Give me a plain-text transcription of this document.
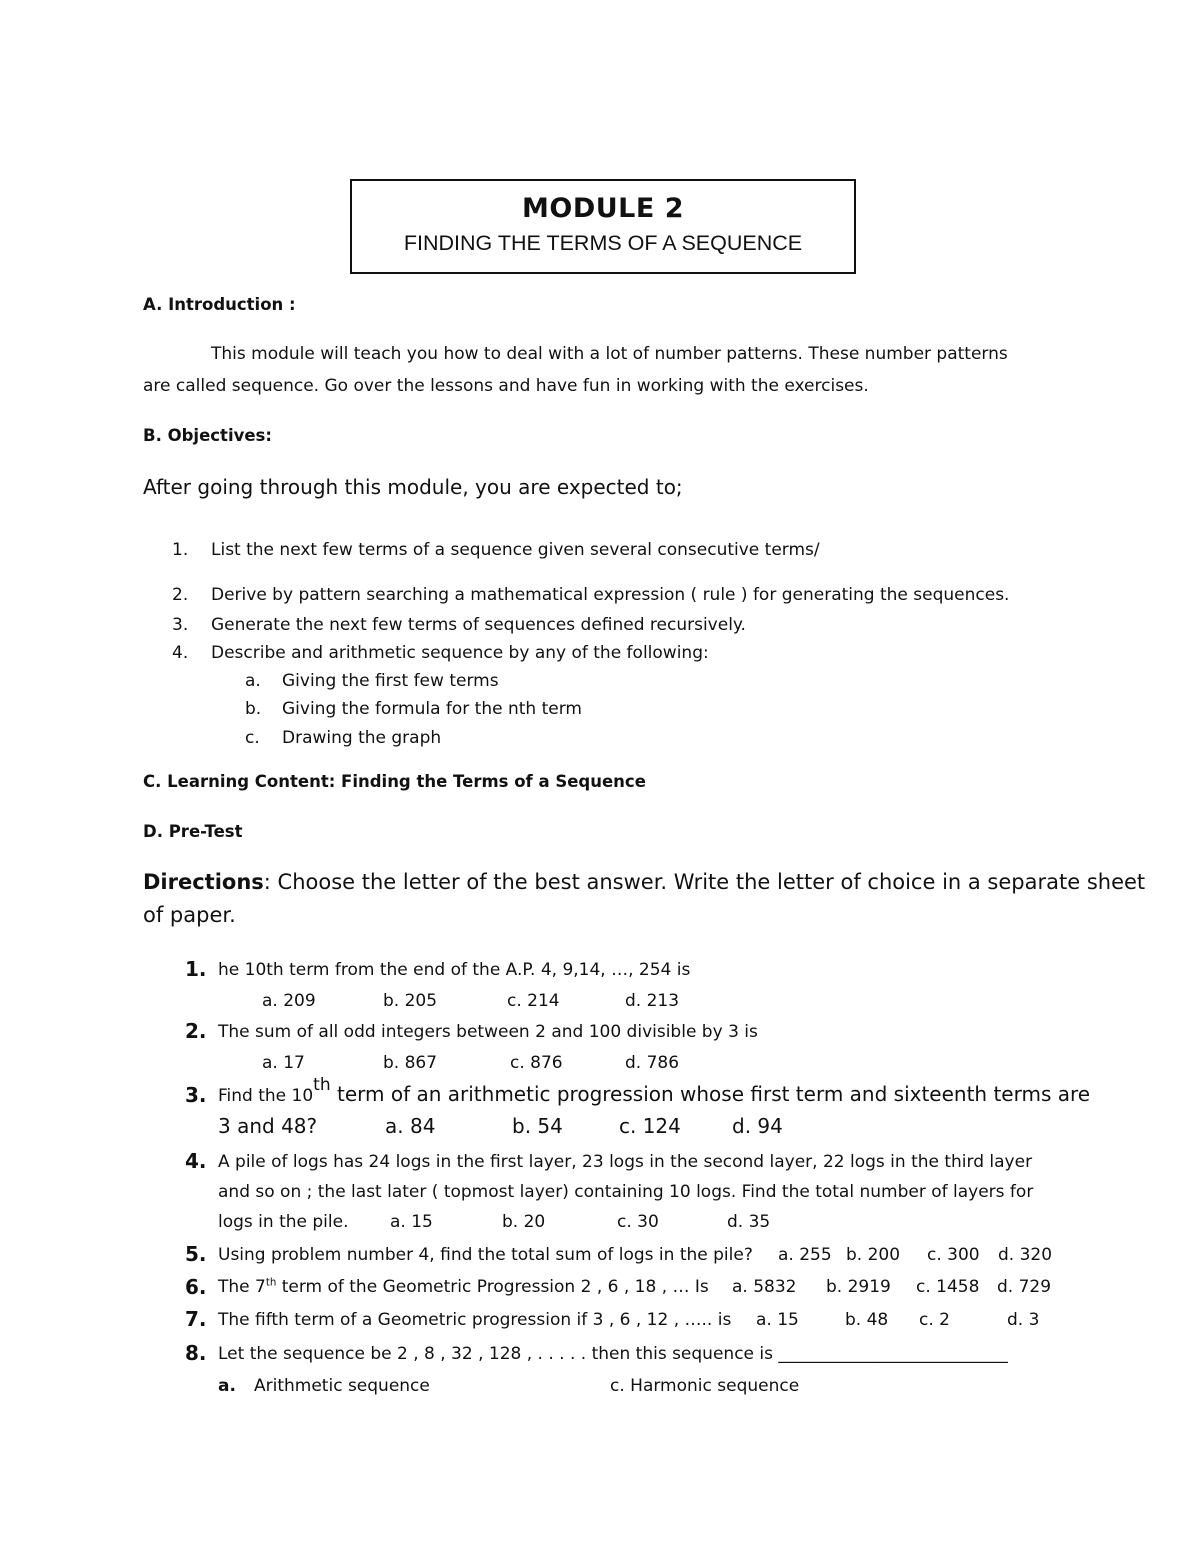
MODULE 2
FINDING THE TERMS OF A SEQUENCE
A. Introduction :
This module will teach you how to deal with a lot of number patterns. These number patterns
are called sequence. Go over the lessons and have fun in working with the exercises.
B. Objectives:
After going through this module, you are expected to;
1. List the next few terms of a sequence given several consecutive terms/
2. Derive by pattern searching a mathematical expression ( rule ) for generating the sequences.
3. Generate the next few terms of sequences defined recursively.
4. Describe and arithmetic sequence by any of the following:
a. Giving the first few terms
b. Giving the formula for the nth term
c. Drawing the graph
C. Learning Content: Finding the Terms of a Sequence
D. Pre-Test
Directions: Choose the letter of the best answer. Write the letter of choice in a separate sheet
of paper.
1. he 10th term from the end of the A.P. 4, 9,14, …, 254 is
a. 209	b. 205	c. 214	d. 213
2. The sum of all odd integers between 2 and 100 divisible by 3 is
a. 17	b. 867	c. 876	d. 786
3. Find the 10th term of an arithmetic progression whose first term and sixteenth terms are
3 and 48?	a. 84	b. 54	c. 124	d. 94
4. A pile of logs has 24 logs in the first layer, 23 logs in the second layer, 22 logs in the third layer
and so on ; the last later ( topmost layer) containing 10 logs. Find the total number of layers for
logs in the pile. a. 15	b. 20	c. 30	d. 35
5. Using problem number 4, find the total sum of logs in the pile? a. 255 b. 200 c. 300 d. 320
6. The 7th term of the Geometric Progression 2 , 6 , 18 , … Is a. 5832 b. 2919 c. 1458 d. 729
7. The fifth term of a Geometric progression if 3 , 6 , 12 , ….. is a. 15	b. 48 c. 2	d. 3
8. Let the sequence be 2 , 8 , 32 , 128 , . . . . . then this sequence is ___________________________
a. Arithmetic sequence	c. Harmonic sequence
